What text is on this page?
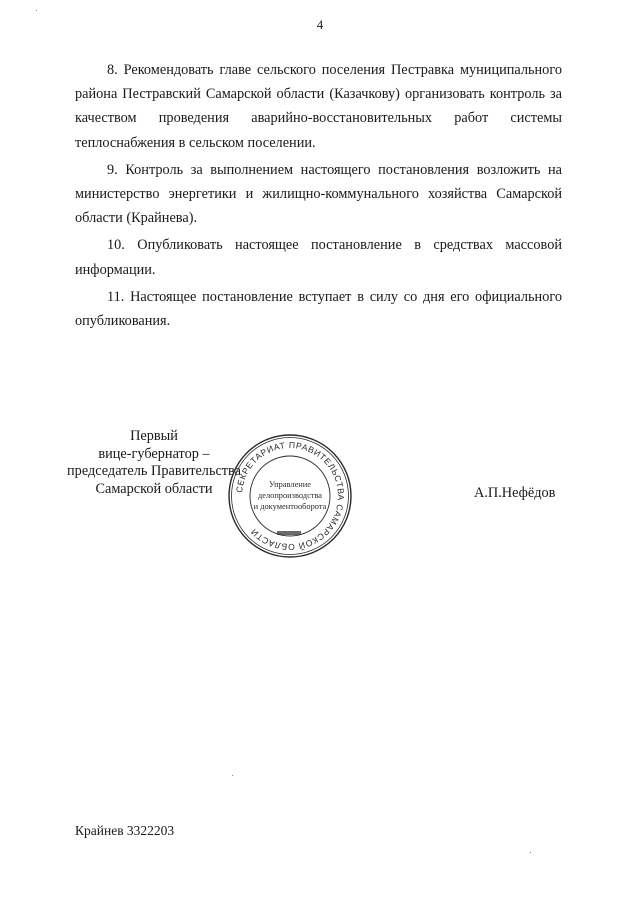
4

8. Рекомендовать главе сельского поселения Пестравка муниципального района Пестравский Самарской области (Казачкову) организовать контроль за качеством проведения аварийно-восстановительных работ системы теплоснабжения в сельском поселении.

9. Контроль за выполнением настоящего постановления возложить на министерство энергетики и жилищно-коммунального хозяйства Самарской области (Крайнева).

10. Опубликовать настоящее постановление в средствах массовой информации.

11. Настоящее постановление вступает в силу со дня его официального опубликования.

Первый
вице-губернатор –
председатель Правительства
Самарской области	СЕКРЕТАРИАТ ПРАВИТЕЛЬСТВА САМАРСКОЙ ОБЛАСТИ
Управление
делопроизводства
и документооборота
А.П.Нефёдов
Крайнев 3322203
